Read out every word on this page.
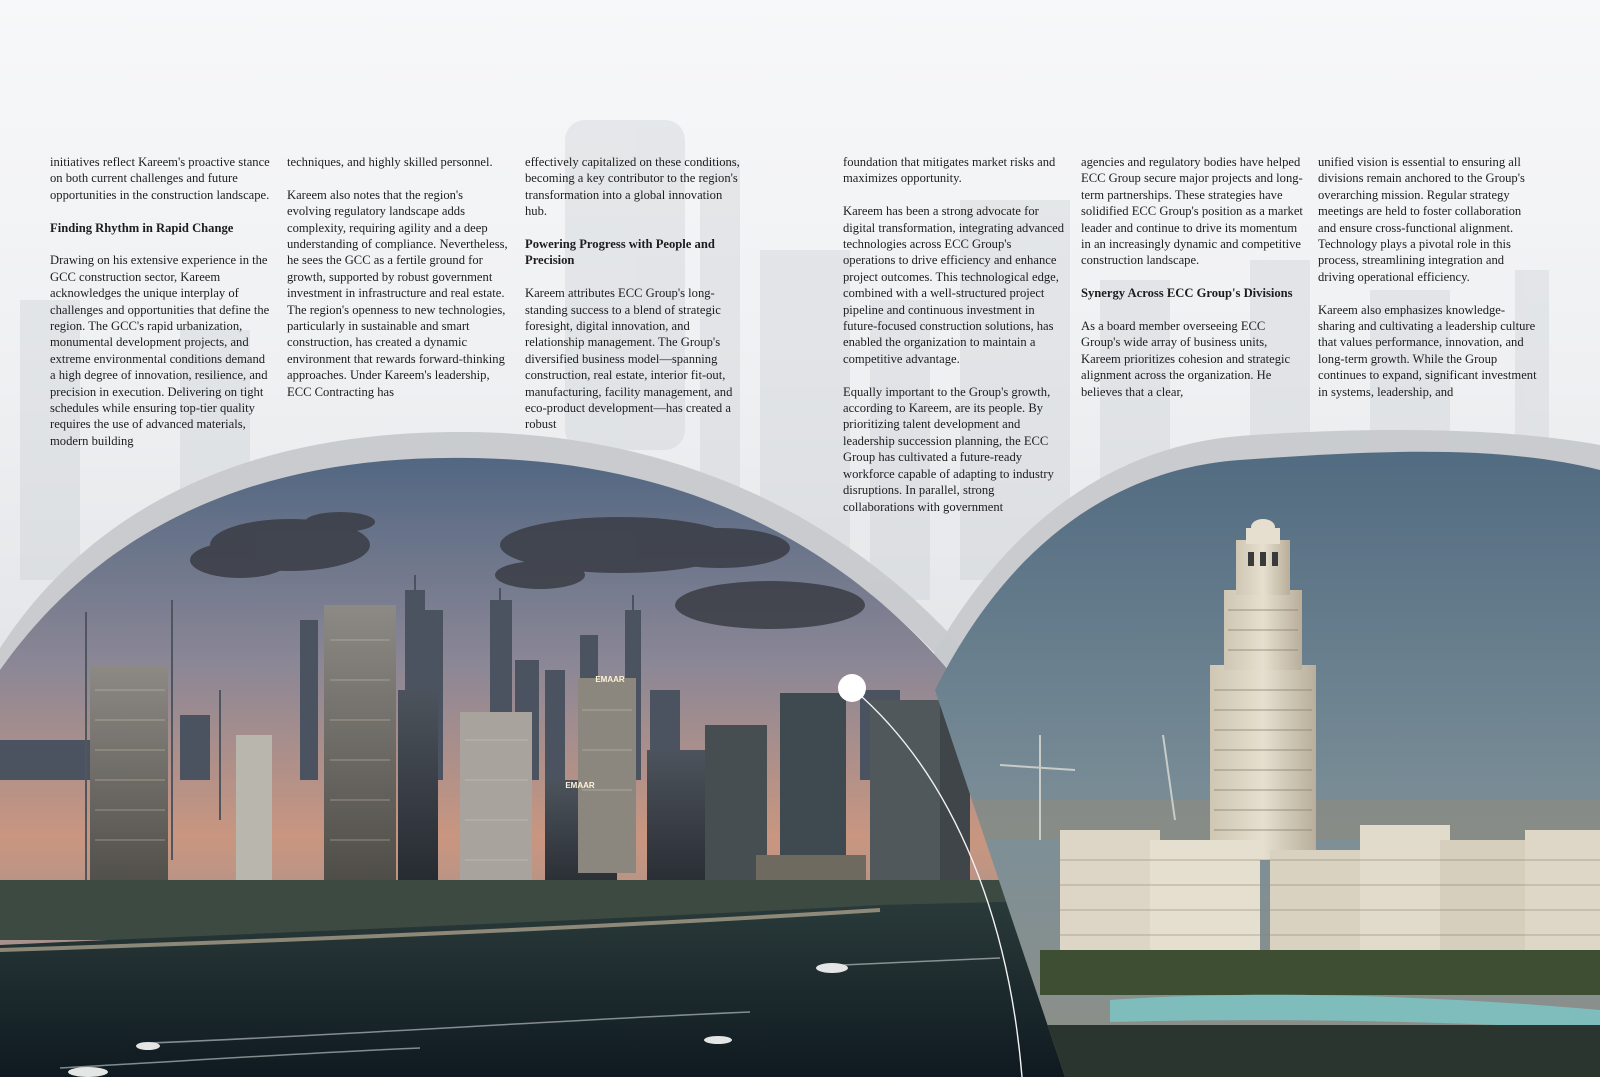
EMAAR
EMAAR

initiatives reflect Kareem's proactive stance on both current challenges and future opportunities in the construction landscape.

Finding Rhythm in Rapid Change

Drawing on his extensive experience in the GCC construction sector, Kareem acknowledges the unique interplay of challenges and opportunities that define the region. The GCC's rapid urbanization, monumental development projects, and extreme environmental conditions demand a high degree of innovation, resilience, and precision in execution. Delivering on tight schedules while ensuring top-tier quality requires the use of advanced materials, modern building

techniques, and highly skilled personnel.

Kareem also notes that the region's evolving regulatory landscape adds complexity, requiring agility and a deep understanding of compliance. Nevertheless, he sees the GCC as a fertile ground for growth, supported by robust government investment in infrastructure and real estate. The region's openness to new technologies, particularly in sustainable and smart construction, has created a dynamic environment that rewards forward-thinking approaches. Under Kareem's leadership, ECC Contracting has

effectively capitalized on these conditions, becoming a key contributor to the region's transformation into a global innovation hub.

Powering Progress with People and Precision

Kareem attributes ECC Group's long-standing success to a blend of strategic foresight, digital innovation, and relationship management. The Group's diversified business model—spanning construction, real estate, interior fit-out, manufacturing, facility management, and eco-product development—has created a robust

foundation that mitigates market risks and maximizes opportunity.

Kareem has been a strong advocate for digital transformation, integrating advanced technologies across ECC Group's operations to drive efficiency and enhance project outcomes. This technological edge, combined with a well-structured project pipeline and continuous investment in future-focused construction solutions, has enabled the organization to maintain a competitive advantage.

Equally important to the Group's growth, according to Kareem, are its people. By prioritizing talent development and leadership succession planning, the ECC Group has cultivated a future-ready workforce capable of adapting to industry disruptions. In parallel, strong collaborations with government

agencies and regulatory bodies have helped ECC Group secure major projects and long-term partnerships. These strategies have solidified ECC Group's position as a market leader and continue to drive its momentum in an increasingly dynamic and competitive construction landscape.

Synergy Across ECC Group's Divisions

As a board member overseeing ECC Group's wide array of business units, Kareem prioritizes cohesion and strategic alignment across the organization. He believes that a clear,

unified vision is essential to ensuring all divisions remain anchored to the Group's overarching mission. Regular strategy meetings are held to foster collaboration and ensure cross-functional alignment. Technology plays a pivotal role in this process, streamlining integration and driving operational efficiency.

Kareem also emphasizes knowledge-sharing and cultivating a leadership culture that values performance, innovation, and long-term growth. While the Group continues to expand, significant investment in systems, leadership, and
